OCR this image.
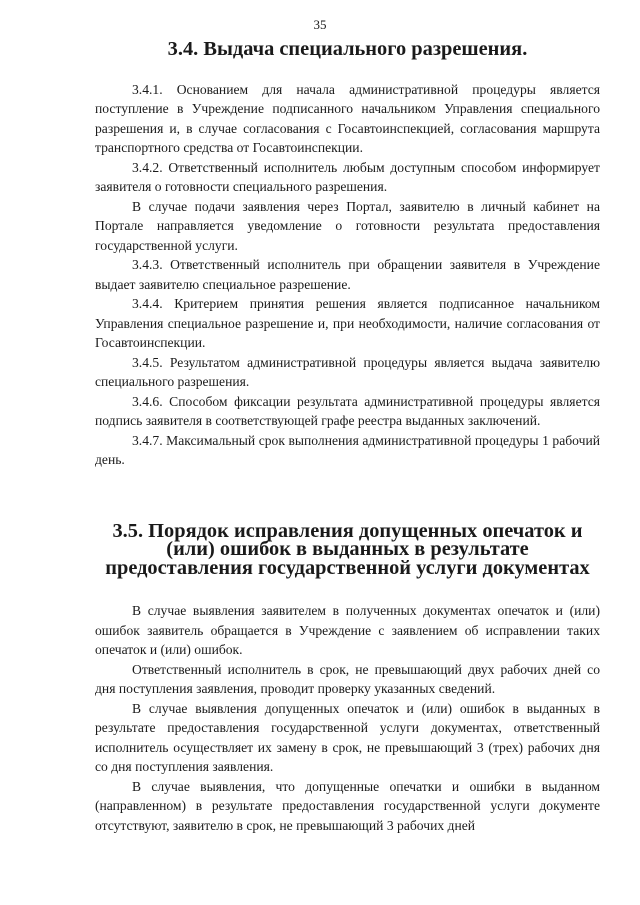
35
3.4. Выдача специального разрешения.

3.4.1. Основанием для начала административной процедуры является поступление в Учреждение подписанного начальником Управления специального разрешения и, в случае согласования с Госавтоинспекцией, согласования маршрута транспортного средства от Госавтоинспекции.

3.4.2. Ответственный исполнитель любым доступным способом информирует заявителя о готовности специального разрешения.

В случае подачи заявления через Портал, заявителю в личный кабинет на Портале направляется уведомление о готовности результата предоставления государственной услуги.

3.4.3. Ответственный исполнитель при обращении заявителя в Учреждение выдает заявителю специальное разрешение.

3.4.4. Критерием принятия решения является подписанное начальником Управления специальное разрешение и, при необходимости, наличие согласования от Госавтоинспекции.

3.4.5. Результатом административной процедуры является выдача заявителю специального разрешения.

3.4.6. Способом фиксации результата административной процедуры является подпись заявителя в соответствующей графе реестра выданных заключений.

3.4.7. Максимальный срок выполнения административной процедуры 1 рабочий день.

3.5. Порядок исправления допущенных опечаток и (или) ошибок в выданных в результате предоставления государственной услуги документах

В случае выявления заявителем в полученных документах опечаток и (или) ошибок заявитель обращается в Учреждение с заявлением об исправлении таких опечаток и (или) ошибок.

Ответственный исполнитель в срок, не превышающий двух рабочих дней со дня поступления заявления, проводит проверку указанных сведений.

В случае выявления допущенных опечаток и (или) ошибок в выданных в результате предоставления государственной услуги документах, ответственный исполнитель осуществляет их замену в срок, не превышающий 3 (трех) рабочих дня со дня поступления заявления.

В случае выявления, что допущенные опечатки и ошибки в выданном (направленном) в результате предоставления государственной услуги документе отсутствуют, заявителю в срок, не превышающий 3 рабочих дней
